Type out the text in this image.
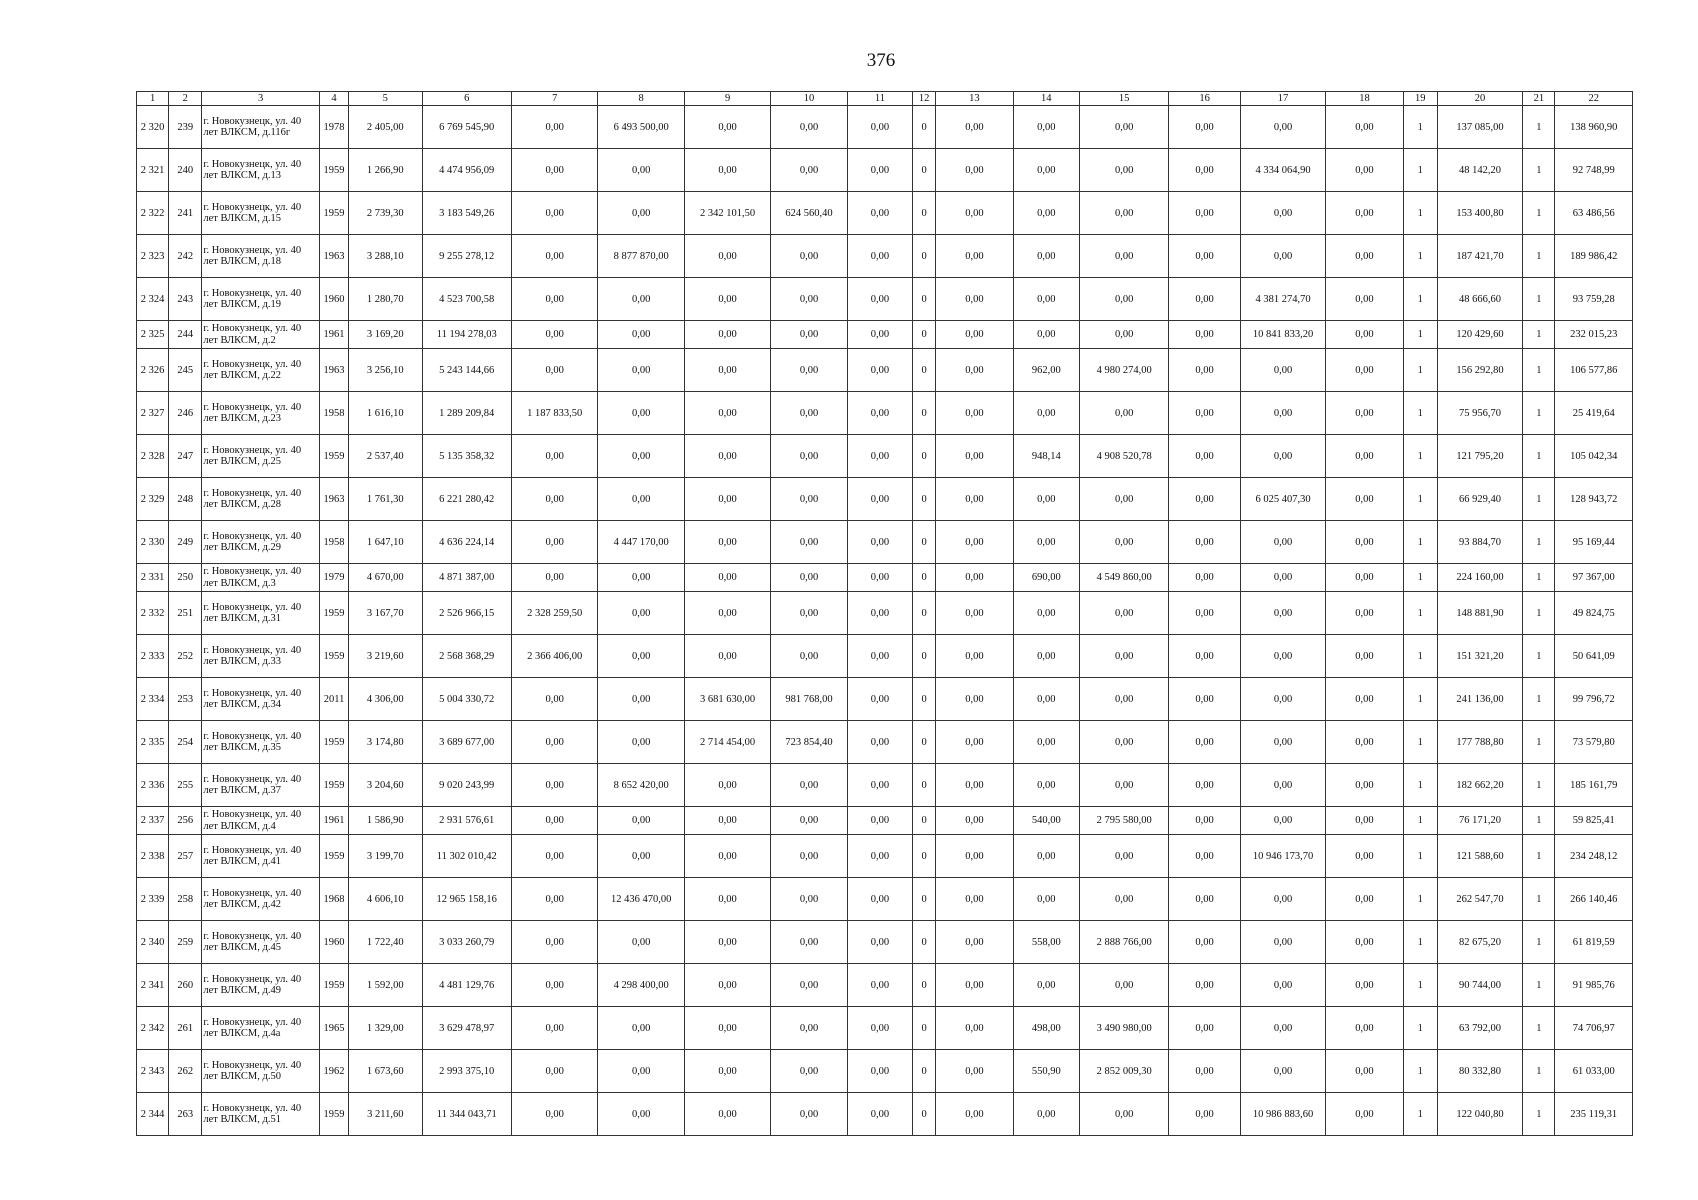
376
1	2	3	4	5	6	7	8	9	10	11	12	13	14	15	16	17	18	19	20	21	22
2 320	239	г. Новокузнецк, ул. 40 лет ВЛКСМ, д.116г	1978	2 405,00	6 769 545,90	0,00	6 493 500,00	0,00	0,00	0,00	0	0,00	0,00	0,00	0,00	0,00	0,00	1	137 085,00	1	138 960,90
2 321	240	г. Новокузнецк, ул. 40 лет ВЛКСМ, д.13	1959	1 266,90	4 474 956,09	0,00	0,00	0,00	0,00	0,00	0	0,00	0,00	0,00	0,00	4 334 064,90	0,00	1	48 142,20	1	92 748,99
2 322	241	г. Новокузнецк, ул. 40 лет ВЛКСМ, д.15	1959	2 739,30	3 183 549,26	0,00	0,00	2 342 101,50	624 560,40	0,00	0	0,00	0,00	0,00	0,00	0,00	0,00	1	153 400,80	1	63 486,56
2 323	242	г. Новокузнецк, ул. 40 лет ВЛКСМ, д.18	1963	3 288,10	9 255 278,12	0,00	8 877 870,00	0,00	0,00	0,00	0	0,00	0,00	0,00	0,00	0,00	0,00	1	187 421,70	1	189 986,42
2 324	243	г. Новокузнецк, ул. 40 лет ВЛКСМ, д.19	1960	1 280,70	4 523 700,58	0,00	0,00	0,00	0,00	0,00	0	0,00	0,00	0,00	0,00	4 381 274,70	0,00	1	48 666,60	1	93 759,28
2 325	244	г. Новокузнецк, ул. 40 лет ВЛКСМ, д.2	1961	3 169,20	11 194 278,03	0,00	0,00	0,00	0,00	0,00	0	0,00	0,00	0,00	0,00	10 841 833,20	0,00	1	120 429,60	1	232 015,23
2 326	245	г. Новокузнецк, ул. 40 лет ВЛКСМ, д.22	1963	3 256,10	5 243 144,66	0,00	0,00	0,00	0,00	0,00	0	0,00	962,00	4 980 274,00	0,00	0,00	0,00	1	156 292,80	1	106 577,86
2 327	246	г. Новокузнецк, ул. 40 лет ВЛКСМ, д.23	1958	1 616,10	1 289 209,84	1 187 833,50	0,00	0,00	0,00	0,00	0	0,00	0,00	0,00	0,00	0,00	0,00	1	75 956,70	1	25 419,64
2 328	247	г. Новокузнецк, ул. 40 лет ВЛКСМ, д.25	1959	2 537,40	5 135 358,32	0,00	0,00	0,00	0,00	0,00	0	0,00	948,14	4 908 520,78	0,00	0,00	0,00	1	121 795,20	1	105 042,34
2 329	248	г. Новокузнецк, ул. 40 лет ВЛКСМ, д.28	1963	1 761,30	6 221 280,42	0,00	0,00	0,00	0,00	0,00	0	0,00	0,00	0,00	0,00	6 025 407,30	0,00	1	66 929,40	1	128 943,72
2 330	249	г. Новокузнецк, ул. 40 лет ВЛКСМ, д.29	1958	1 647,10	4 636 224,14	0,00	4 447 170,00	0,00	0,00	0,00	0	0,00	0,00	0,00	0,00	0,00	0,00	1	93 884,70	1	95 169,44
2 331	250	г. Новокузнецк, ул. 40 лет ВЛКСМ, д.3	1979	4 670,00	4 871 387,00	0,00	0,00	0,00	0,00	0,00	0	0,00	690,00	4 549 860,00	0,00	0,00	0,00	1	224 160,00	1	97 367,00
2 332	251	г. Новокузнецк, ул. 40 лет ВЛКСМ, д.31	1959	3 167,70	2 526 966,15	2 328 259,50	0,00	0,00	0,00	0,00	0	0,00	0,00	0,00	0,00	0,00	0,00	1	148 881,90	1	49 824,75
2 333	252	г. Новокузнецк, ул. 40 лет ВЛКСМ, д.33	1959	3 219,60	2 568 368,29	2 366 406,00	0,00	0,00	0,00	0,00	0	0,00	0,00	0,00	0,00	0,00	0,00	1	151 321,20	1	50 641,09
2 334	253	г. Новокузнецк, ул. 40 лет ВЛКСМ, д.34	2011	4 306,00	5 004 330,72	0,00	0,00	3 681 630,00	981 768,00	0,00	0	0,00	0,00	0,00	0,00	0,00	0,00	1	241 136,00	1	99 796,72
2 335	254	г. Новокузнецк, ул. 40 лет ВЛКСМ, д.35	1959	3 174,80	3 689 677,00	0,00	0,00	2 714 454,00	723 854,40	0,00	0	0,00	0,00	0,00	0,00	0,00	0,00	1	177 788,80	1	73 579,80
2 336	255	г. Новокузнецк, ул. 40 лет ВЛКСМ, д.37	1959	3 204,60	9 020 243,99	0,00	8 652 420,00	0,00	0,00	0,00	0	0,00	0,00	0,00	0,00	0,00	0,00	1	182 662,20	1	185 161,79
2 337	256	г. Новокузнецк, ул. 40 лет ВЛКСМ, д.4	1961	1 586,90	2 931 576,61	0,00	0,00	0,00	0,00	0,00	0	0,00	540,00	2 795 580,00	0,00	0,00	0,00	1	76 171,20	1	59 825,41
2 338	257	г. Новокузнецк, ул. 40 лет ВЛКСМ, д.41	1959	3 199,70	11 302 010,42	0,00	0,00	0,00	0,00	0,00	0	0,00	0,00	0,00	0,00	10 946 173,70	0,00	1	121 588,60	1	234 248,12
2 339	258	г. Новокузнецк, ул. 40 лет ВЛКСМ, д.42	1968	4 606,10	12 965 158,16	0,00	12 436 470,00	0,00	0,00	0,00	0	0,00	0,00	0,00	0,00	0,00	0,00	1	262 547,70	1	266 140,46
2 340	259	г. Новокузнецк, ул. 40 лет ВЛКСМ, д.45	1960	1 722,40	3 033 260,79	0,00	0,00	0,00	0,00	0,00	0	0,00	558,00	2 888 766,00	0,00	0,00	0,00	1	82 675,20	1	61 819,59
2 341	260	г. Новокузнецк, ул. 40 лет ВЛКСМ, д.49	1959	1 592,00	4 481 129,76	0,00	4 298 400,00	0,00	0,00	0,00	0	0,00	0,00	0,00	0,00	0,00	0,00	1	90 744,00	1	91 985,76
2 342	261	г. Новокузнецк, ул. 40 лет ВЛКСМ, д.4а	1965	1 329,00	3 629 478,97	0,00	0,00	0,00	0,00	0,00	0	0,00	498,00	3 490 980,00	0,00	0,00	0,00	1	63 792,00	1	74 706,97
2 343	262	г. Новокузнецк, ул. 40 лет ВЛКСМ, д.50	1962	1 673,60	2 993 375,10	0,00	0,00	0,00	0,00	0,00	0	0,00	550,90	2 852 009,30	0,00	0,00	0,00	1	80 332,80	1	61 033,00
2 344	263	г. Новокузнецк, ул. 40 лет ВЛКСМ, д.51	1959	3 211,60	11 344 043,71	0,00	0,00	0,00	0,00	0,00	0	0,00	0,00	0,00	0,00	10 986 883,60	0,00	1	122 040,80	1	235 119,31
